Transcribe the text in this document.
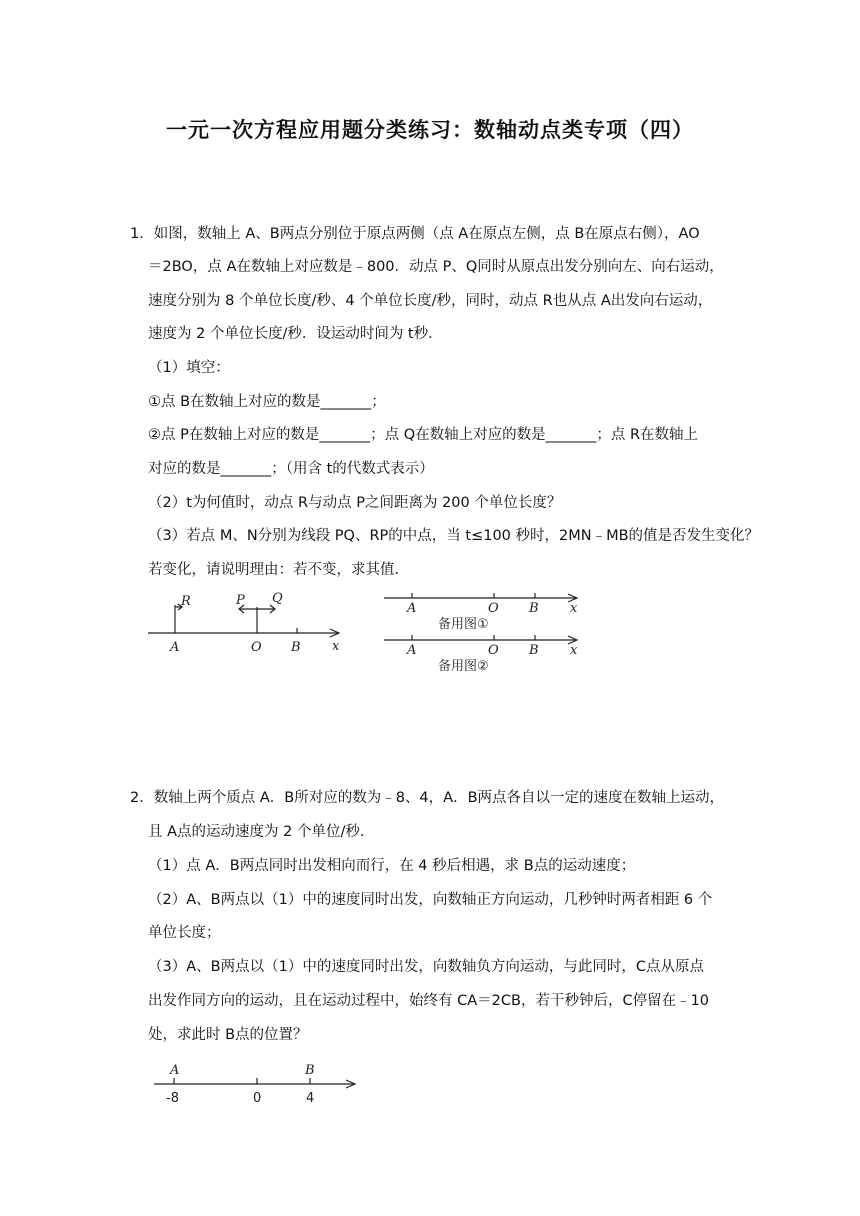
一元一次方程应用题分类练习：数轴动点类专项（四）
1．如图，数轴上 A、B两点分别位于原点两侧（点 A在原点左侧，点 B在原点右侧），AO
＝2BO，点 A在数轴上对应数是﹣800．动点 P、Q同时从原点出发分别向左、向右运动，
速度分别为 8 个单位长度/秒、4 个单位长度/秒，同时，动点 R也从点 A出发向右运动，
速度为 2 个单位长度/秒．设运动时间为 t秒．
（1）填空：
①点 B在数轴上对应的数是_______；
②点 P在数轴上对应的数是_______；点 Q在数轴上对应的数是_______；点 R在数轴上
对应的数是_______；（用含 t的代数式表示）
（2）t为何值时，动点 R与动点 P之间距离为 200 个单位长度？
（3）若点 M、N分别为线段 PQ、RP的中点，当 t≤100 秒时，2MN﹣MB的值是否发生变化？
若变化，请说明理由：若不变，求其值．
R
A
P Q
O B x
A	O B x
备用图①
A	O B x
备用图②
2．数轴上两个质点 A．B所对应的数为﹣8、4，A．B两点各自以一定的速度在数轴上运动，
且 A点的运动速度为 2 个单位/秒．
（1）点 A．B两点同时出发相向而行，在 4 秒后相遇，求 B点的运动速度；
（2）A、B两点以（1）中的速度同时出发，向数轴正方向运动，几秒钟时两者相距 6 个
单位长度；
（3）A、B两点以（1）中的速度同时出发，向数轴负方向运动，与此同时，C点从原点
出发作同方向的运动，且在运动过程中，始终有 CA＝2CB，若干秒钟后，C停留在﹣10
处，求此时 B点的位置？
A	B
-8	0	4
